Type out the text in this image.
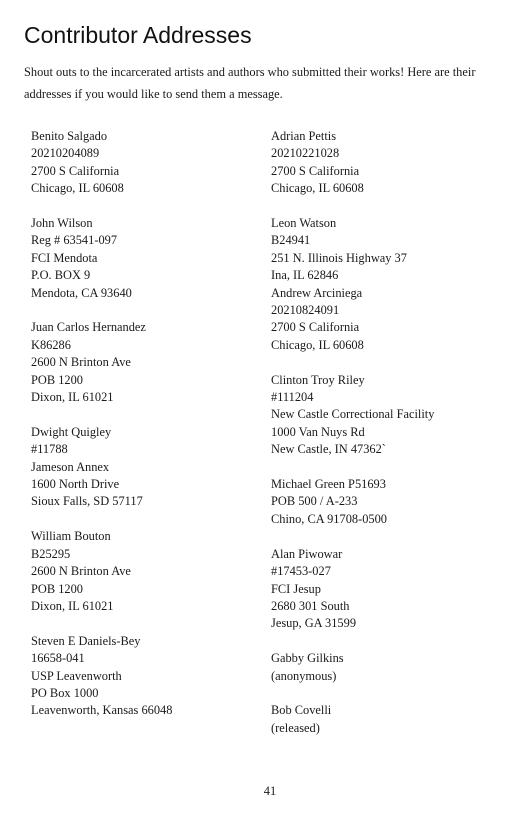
Contributor Addresses

Shout outs to the incarcerated artists and authors who submitted their works! Here are their addresses if you would like to send them a message.

Benito Salgado
20210204089
2700 S California
Chicago, IL 60608
John Wilson
Reg # 63541-097
FCI Mendota
P.O. BOX 9
Mendota, CA 93640
Juan Carlos Hernandez
K86286
2600 N Brinton Ave
POB 1200
Dixon, IL 61021
Dwight Quigley
#11788
Jameson Annex
1600 North Drive
Sioux Falls, SD 57117
William Bouton
B25295
2600 N Brinton Ave
POB 1200
Dixon, IL 61021
Steven E Daniels-Bey
16658-041
USP Leavenworth
PO Box 1000
Leavenworth, Kansas 66048
Adrian Pettis
20210221028
2700 S California
Chicago, IL 60608
Leon Watson
B24941
251 N. Illinois Highway 37
Ina, IL 62846
Andrew Arciniega
20210824091
2700 S California
Chicago, IL 60608
Clinton Troy Riley
#111204
New Castle Correctional Facility
1000 Van Nuys Rd
New Castle, IN 47362`
Michael Green P51693
POB 500 / A-233
Chino, CA 91708-0500
Alan Piwowar
#17453-027
FCI Jesup
2680 301 South
Jesup, GA 31599
Gabby Gilkins
(anonymous)
Bob Covelli
(released)
41
